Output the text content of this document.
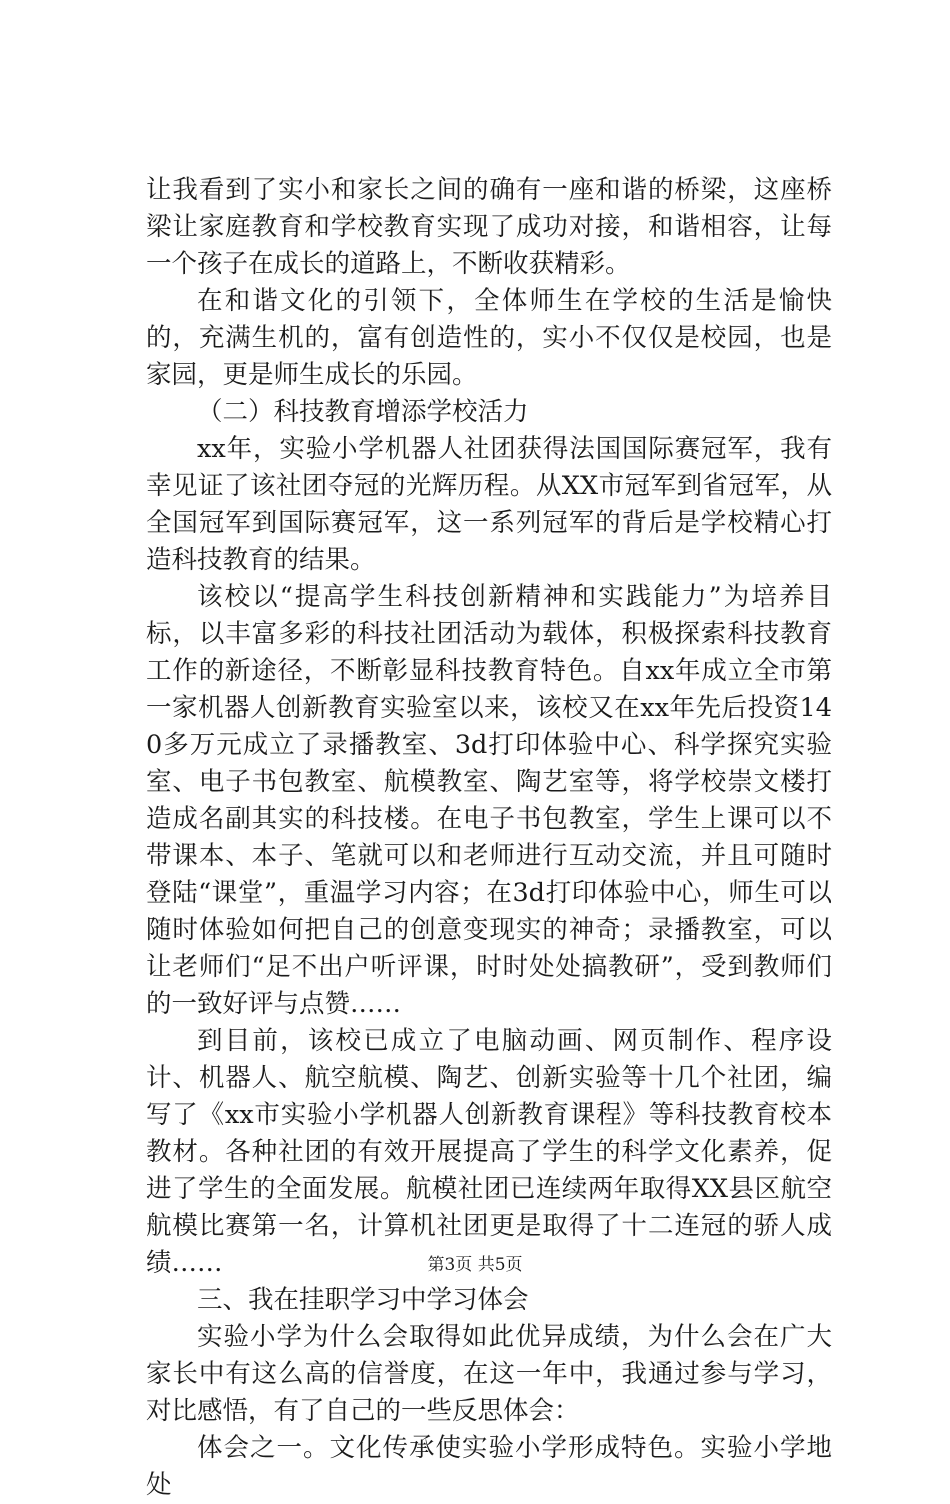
让我看到了实小和家长之间的确有一座和谐的桥梁，这座桥梁让家庭教育和学校教育实现了成功对接，和谐相容，让每一个孩子在成长的道路上，不断收获精彩。

在和谐文化的引领下，全体师生在学校的生活是愉快的，充满生机的，富有创造性的，实小不仅仅是校园，也是家园，更是师生成长的乐园。

（二）科技教育增添学校活力

xx年，实验小学机器人社团获得法国国际赛冠军，我有幸见证了该社团夺冠的光辉历程。从XX市冠军到省冠军，从全国冠军到国际赛冠军，这一系列冠军的背后是学校精心打造科技教育的结果。

该校以“提高学生科技创新精神和实践能力”为培养目标，以丰富多彩的科技社团活动为载体，积极探索科技教育工作的新途径，不断彰显科技教育特色。自xx年成立全市第一家机器人创新教育实验室以来，该校又在xx年先后投资140多万元成立了录播教室、3d打印体验中心、科学探究实验室、电子书包教室、航模教室、陶艺室等，将学校崇文楼打造成名副其实的科技楼。在电子书包教室，学生上课可以不带课本、本子、笔就可以和老师进行互动交流，并且可随时登陆“课堂”，重温学习内容；在3d打印体验中心，师生可以随时体验如何把自己的创意变现实的神奇；录播教室，可以让老师们“足不出户听评课，时时处处搞教研”，受到教师们的一致好评与点赞……

到目前，该校已成立了电脑动画、网页制作、程序设计、机器人、航空航模、陶艺、创新实验等十几个社团，编写了《xx市实验小学机器人创新教育课程》等科技教育校本教材。各种社团的有效开展提高了学生的科学文化素养，促进了学生的全面发展。航模社团已连续两年取得XX县区航空航模比赛第一名，计算机社团更是取得了十二连冠的骄人成绩……

三、我在挂职学习中学习体会

实验小学为什么会取得如此优异成绩，为什么会在广大家长中有这么高的信誉度，在这一年中，我通过参与学习，对比感悟，有了自己的一些反思体会：

体会之一。文化传承使实验小学形成特色。实验小学地处

第3页 共5页
